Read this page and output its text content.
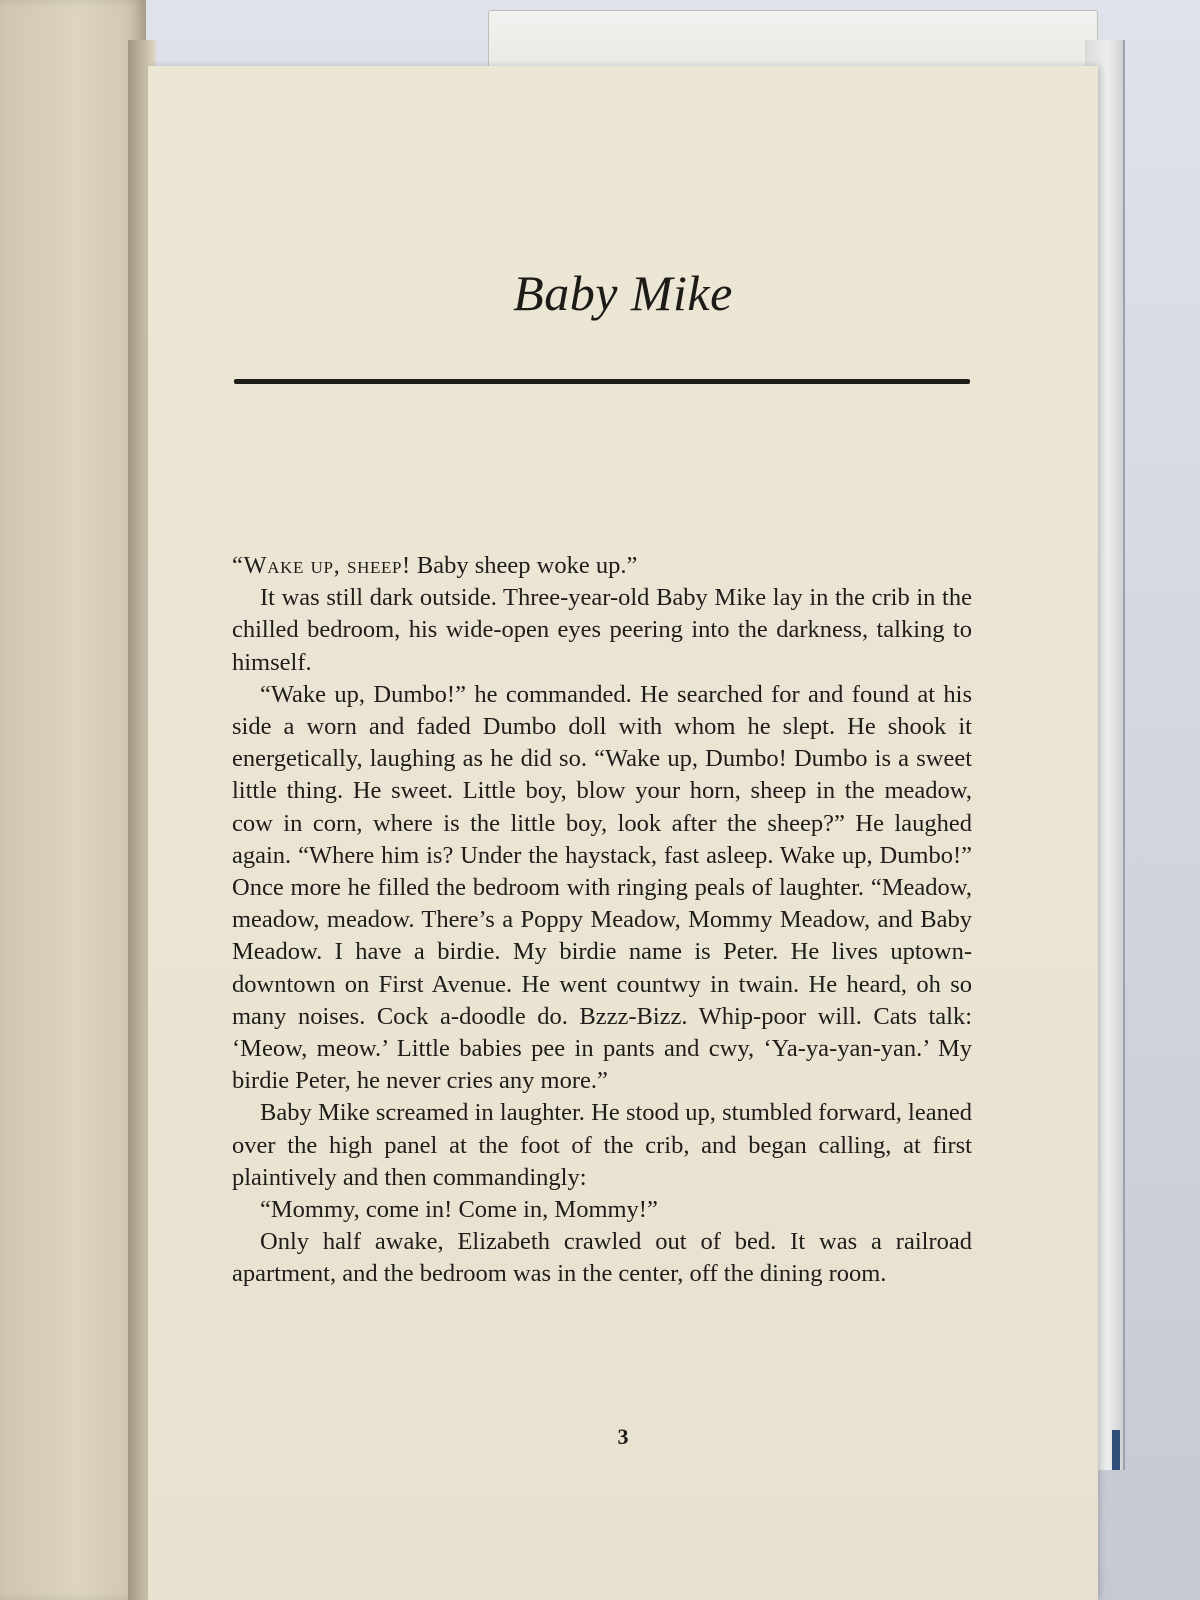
Baby Mike

“Wake up, sheep! Baby sheep woke up.”

It was still dark outside. Three-year-old Baby Mike lay in the crib in the chilled bedroom, his wide-open eyes peering into the darkness, talking to himself.

“Wake up, Dumbo!” he commanded. He searched for and found at his side a worn and faded Dumbo doll with whom he slept. He shook it energetically, laughing as he did so. “Wake up, Dumbo! Dumbo is a sweet little thing. He sweet. Little boy, blow your horn, sheep in the meadow, cow in corn, where is the little boy, look after the sheep?” He laughed again. “Where him is? Under the haystack, fast asleep. Wake up, Dumbo!” Once more he filled the bedroom with ringing peals of laughter. “Meadow, meadow, meadow. There’s a Poppy Meadow, Mommy Meadow, and Baby Meadow. I have a birdie. My birdie name is Peter. He lives uptown-downtown on First Avenue. He went countwy in twain. He heard, oh so many noises. Cock a-doodle do. Bzzz-Bizz. Whip-poor will. Cats talk: ‘Meow, meow.’ Little babies pee in pants and cwy, ‘Ya-ya-yan-yan.’ My birdie Peter, he never cries any more.”

Baby Mike screamed in laughter. He stood up, stumbled forward, leaned over the high panel at the foot of the crib, and began calling, at first plaintively and then commandingly:

“Mommy, come in! Come in, Mommy!”

Only half awake, Elizabeth crawled out of bed. It was a railroad apartment, and the bedroom was in the center, off the dining room.

3
